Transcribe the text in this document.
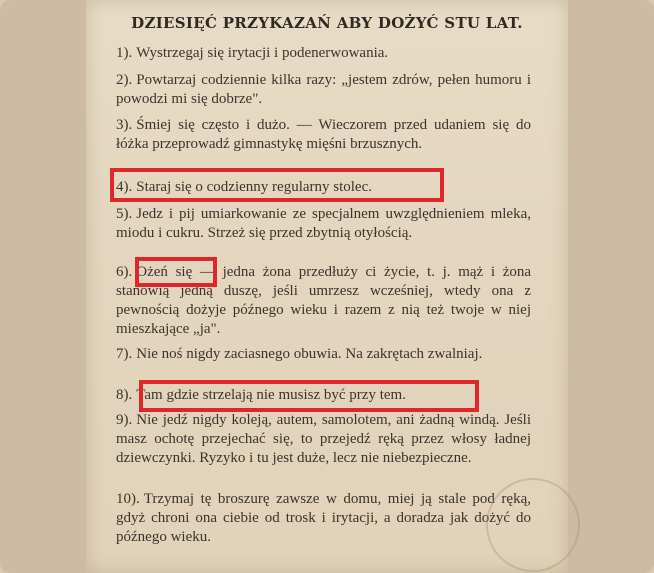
DZIESIĘĆ PRZYKAZAŃ ABY DOŻYĆ STU LAT.
1). Wystrzegaj się irytacji i podenerwowania.
2). Powtarzaj codziennie kilka razy: „jestem zdrów, pełen humoru i powodzi mi się dobrze".
3). Śmiej się często i dużo. — Wieczorem przed udaniem się do łóżka przeprowadź gimnastykę mięśni brzusznych.
4). Staraj się o codzienny regularny stolec.
5). Jedz i pij umiarkowanie ze specjalnem uwzględnieniem mleka, miodu i cukru. Strzeż się przed zbytnią otyłością.
6). Ożeń się — jedna żona przedłuży ci życie, t. j. mąż i żona stanowią jedną duszę, jeśli umrzesz wcześniej, wtedy ona z pewnością dożyje późnego wieku i razem z nią też twoje w niej mieszkające „ja".
7). Nie noś nigdy zaciasnego obuwia. Na zakrętach zwalniaj.
8). Tam gdzie strzelają nie musisz być przy tem.
9). Nie jedź nigdy koleją, autem, samolotem, ani żadną windą. Jeśli masz ochotę przejechać się, to przejedź ręką przez włosy ładnej dziewczynki. Ryzyko i tu jest duże, lecz nie niebezpieczne.
10). Trzymaj tę broszurę zawsze w domu, miej ją stale pod ręką, gdyż chroni ona ciebie od trosk i irytacji, a doradza jak dożyć do późnego wieku.
